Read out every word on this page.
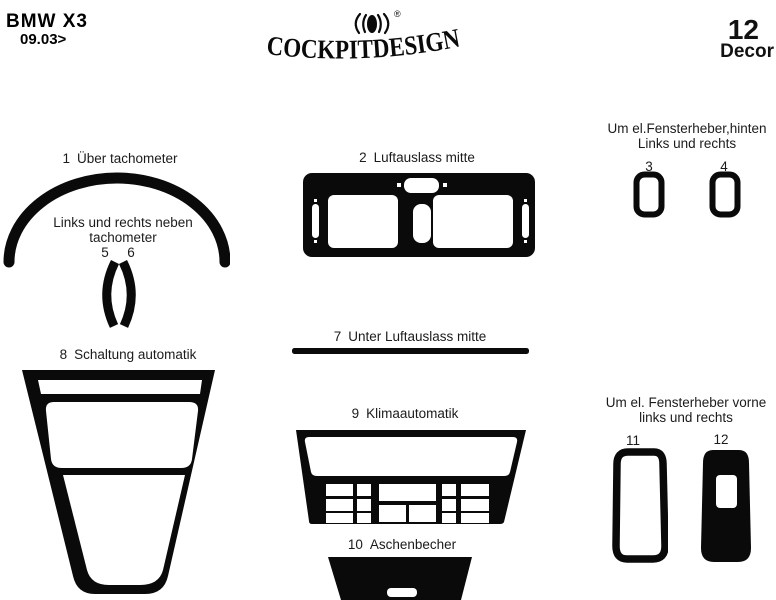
BMW X3
09.03>
®
COCKPITDESIGN	12
Decor
1 Über tachometer	2 Luftauslass mitte
Um el.Fensterheber,hinten
Links und rechts
3	4
Links und rechts neben
tachometer
5	6
7 Unter Luftauslass mitte
8 Schaltung automatik
9 Klimaautomatik
10 Aschenbecher
Um el. Fensterheber vorne
links und rechts
11	12
